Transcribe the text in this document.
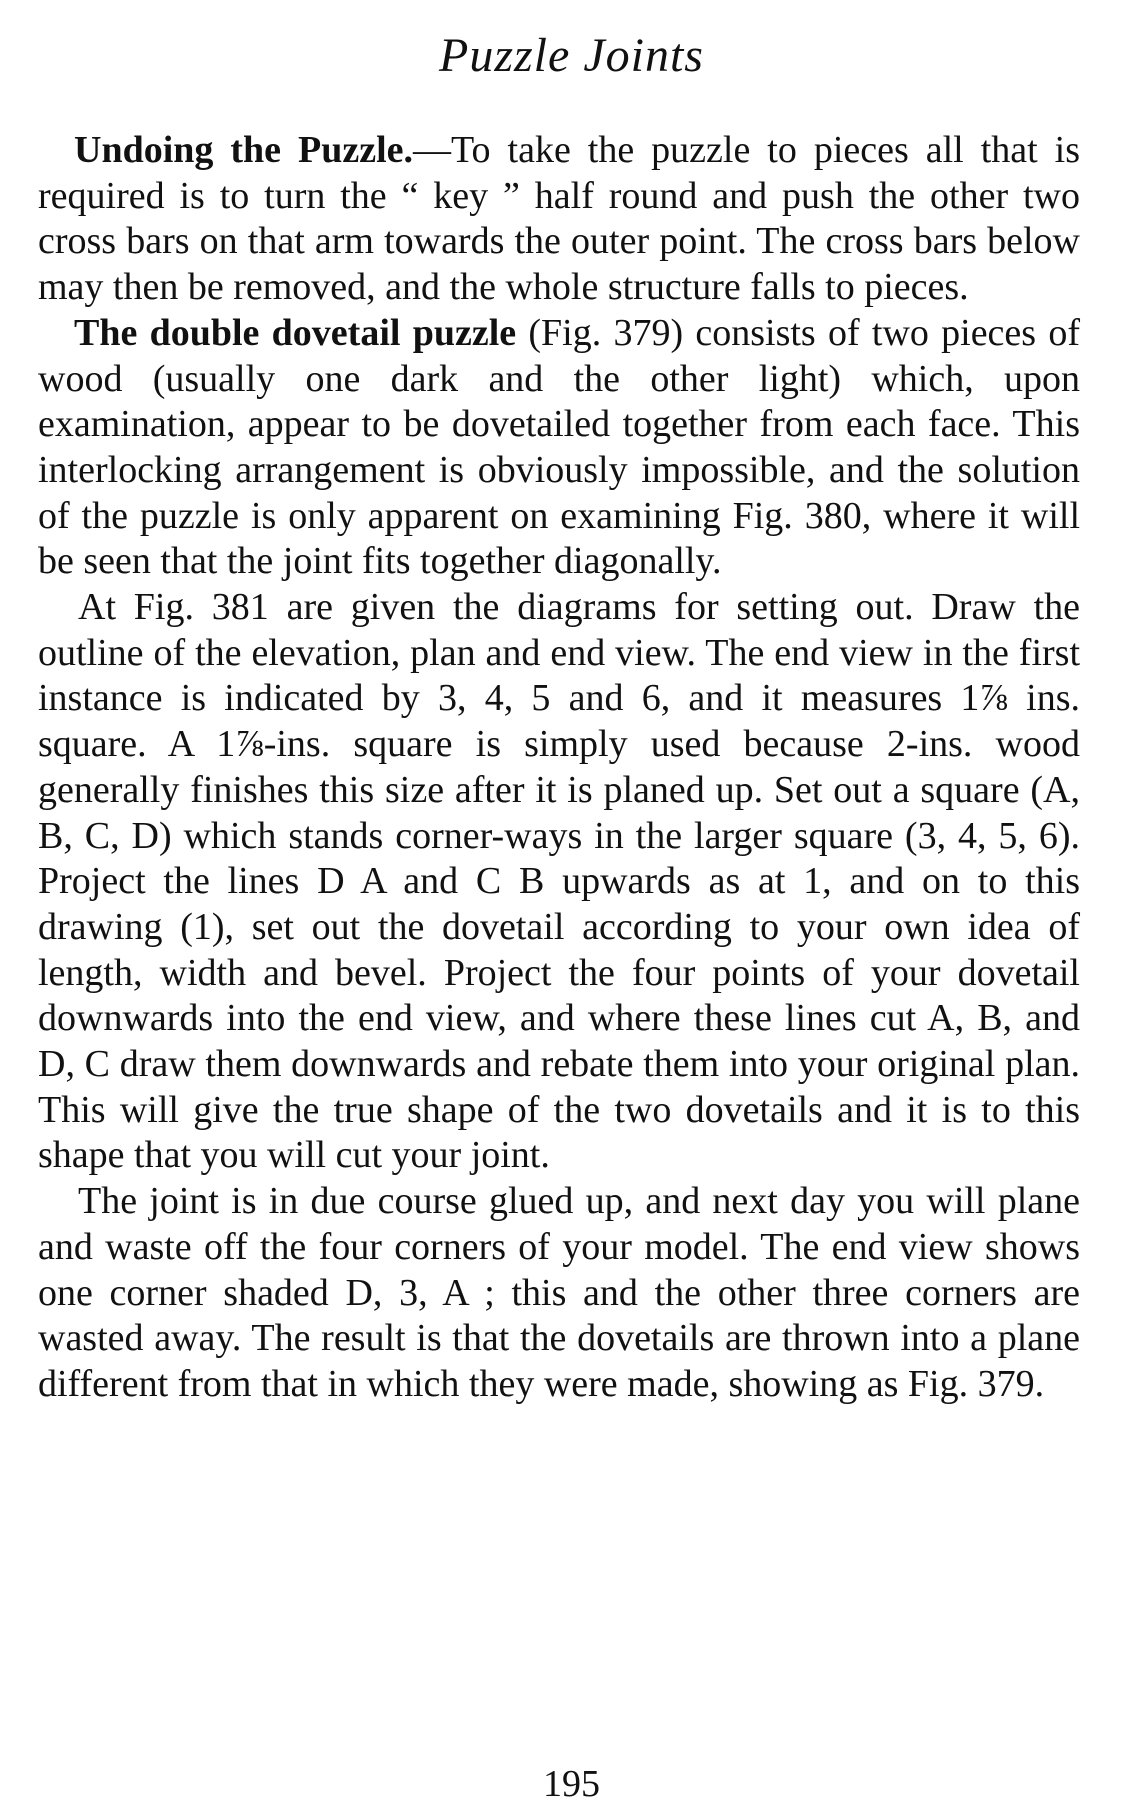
Puzzle Joints

Undoing the Puzzle.—To take the puzzle to pieces all that is required is to turn the “ key ” half round and push the other two cross bars on that arm towards the outer point. The cross bars below may then be removed, and the whole structure falls to pieces.

The double dovetail puzzle (Fig. 379) consists of two pieces of wood (usually one dark and the other light) which, upon examination, appear to be dovetailed together from each face. This interlocking arrangement is obviously impossible, and the solution of the puzzle is only apparent on examining Fig. 380, where it will be seen that the joint fits together diagonally.

At Fig. 381 are given the diagrams for setting out. Draw the outline of the elevation, plan and end view. The end view in the first instance is indicated by 3, 4, 5 and 6, and it measures 1⅞ ins. square. A 1⅞-ins. square is simply used because 2-ins. wood generally finishes this size after it is planed up. Set out a square (A, B, C, D) which stands corner-ways in the larger square (3, 4, 5, 6). Project the lines D A and C B upwards as at 1, and on to this drawing (1), set out the dovetail according to your own idea of length, width and bevel. Project the four points of your dovetail downwards into the end view, and where these lines cut A, B, and D, C draw them downwards and rebate them into your original plan. This will give the true shape of the two dovetails and it is to this shape that you will cut your joint.

The joint is in due course glued up, and next day you will plane and waste off the four corners of your model. The end view shows one corner shaded D, 3, A ; this and the other three corners are wasted away. The result is that the dovetails are thrown into a plane different from that in which they were made, showing as Fig. 379.

195
